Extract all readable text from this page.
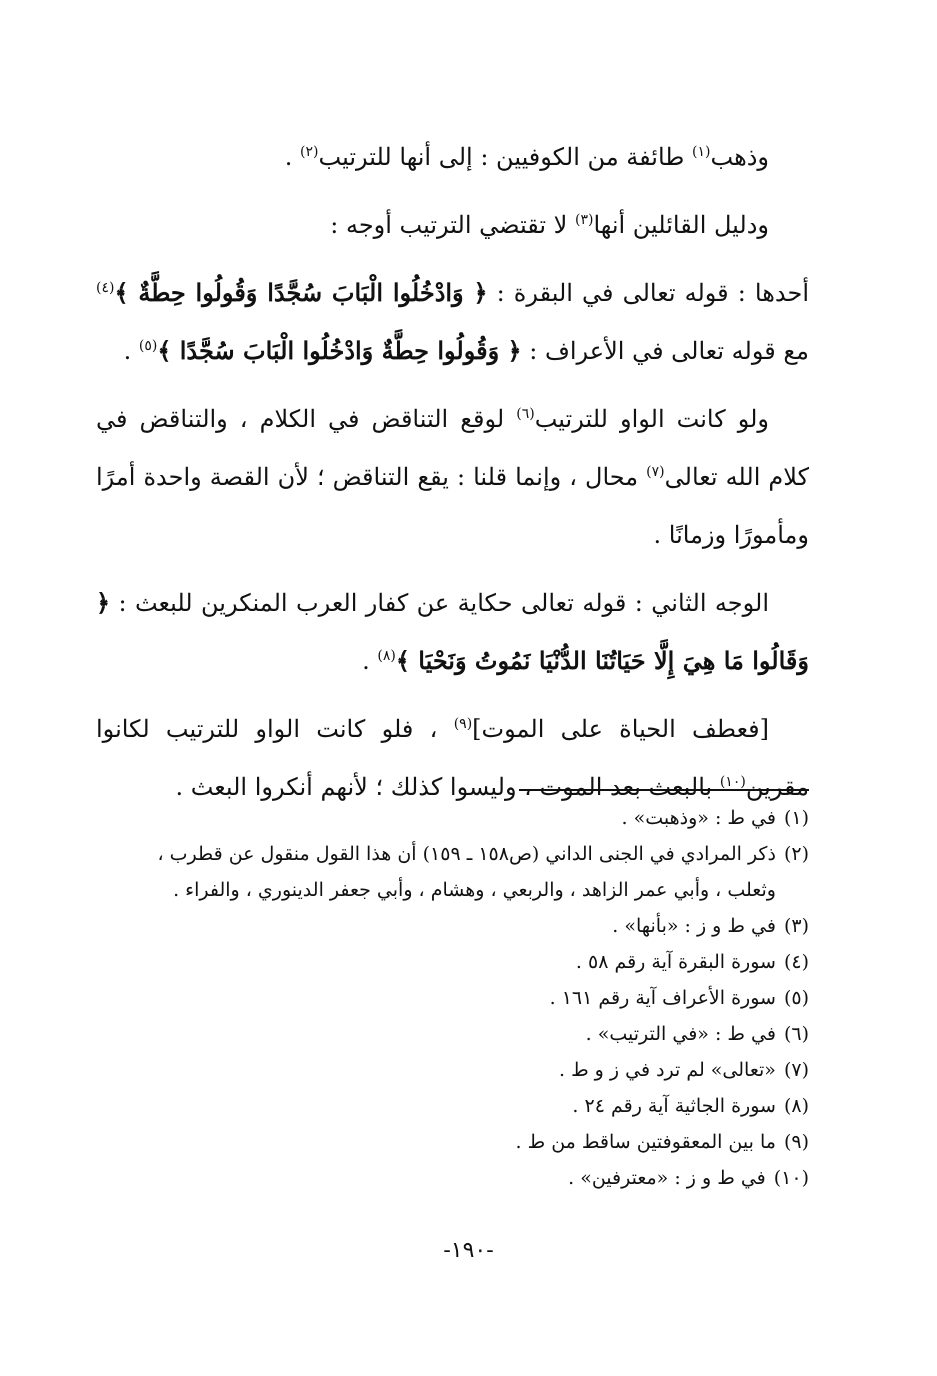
وذهب$^{(١)}$ طائفة من الكوفيين : إلى أنها للترتيب$^{(٢)}$ .

ودليل القائلين أنها$^{(٣)}$ لا تقتضي الترتيب أوجه :

أحدها : قوله تعالى في البقرة : ﴿ وَادْخُلُوا الْبَابَ سُجَّدًا وَقُولُوا حِطَّةٌ ﴾$^{(٤)}$ مع قوله تعالى في الأعراف : ﴿ وَقُولُوا حِطَّةٌ وَادْخُلُوا الْبَابَ سُجَّدًا ﴾$^{(٥)}$ .

ولو كانت الواو للترتيب$^{(٦)}$ لوقع التناقض في الكلام ، والتناقض في كلام الله تعالى$^{(٧)}$ محال ، وإنما قلنا : يقع التناقض ؛ لأن القصة واحدة أمرًا ومأمورًا وزمانًا .

الوجه الثاني : قوله تعالى حكاية عن كفار العرب المنكرين للبعث : ﴿ وَقَالُوا مَا هِيَ إِلَّا حَيَاتُنَا الدُّنْيَا نَمُوتُ وَنَحْيَا ﴾$^{(٨)}$ .

[فعطف الحياة على الموت]$^{(٩)}$ ، فلو كانت الواو للترتيب لكانوا مقرين$^{(١٠)}$ بالبعث بعد الموت ، وليسوا كذلك ؛ لأنهم أنكروا البعث .

(١)
في ط : «وذهبت» .
(٢)
ذكر المرادي في الجنى الداني (ص١٥٨ ـ ١٥٩) أن هذا القول منقول عن قطرب ، وثعلب ، وأبي عمر الزاهد ، والربعي ، وهشام ، وأبي جعفر الدينوري ، والفراء .
(٣)
في ط و ز : «بأنها» .
(٤)
سورة البقرة آية رقم ٥٨ .
(٥)
سورة الأعراف آية رقم ١٦١ .
(٦)
في ط : «في الترتيب» .
(٧)
«تعالى» لم ترد في ز و ط .
(٨)
سورة الجاثية آية رقم ٢٤ .
(٩)
ما بين المعقوفتين ساقط من ط .
(١٠)
في ط و ز : «معترفين» .
-١٩٠-
